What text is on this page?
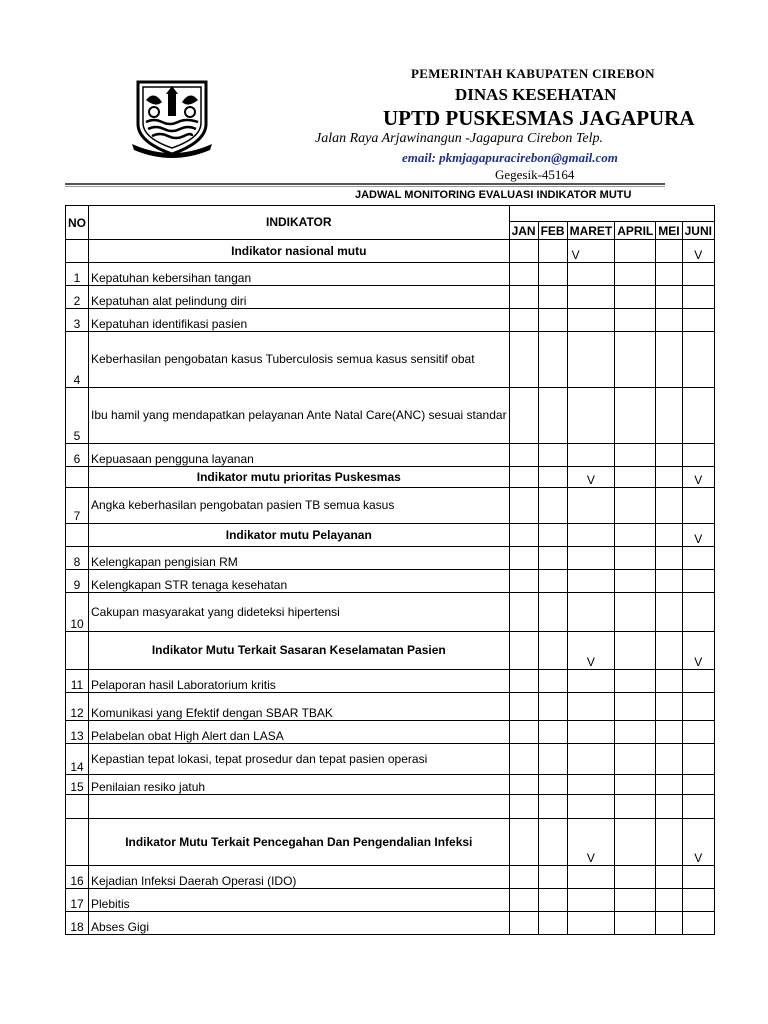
PEMERINTAH KABUPATEN CIREBON
DINAS KESEHATAN
UPTD PUSKESMAS JAGAPURA
Jalan Raya Arjawinangun -Jagapura Cirebon Telp.
email: pkmjagapuracirebon@gmail.com
Gegesik-45164
JADWAL MONITORING EVALUASI INDIKATOR MUTU
NO	INDIKATOR						
		JAN	FEB	MARET	APRIL	MEI	JUNI
	Indikator nasional mutu			V			V
1	Kepatuhan kebersihan tangan						
2	Kepatuhan alat pelindung diri						
3	Kepatuhan identifikasi pasien						
4	Keberhasilan pengobatan kasus Tuberculosis semua kasus sensitif obat						
5	Ibu hamil yang mendapatkan pelayanan Ante Natal Care(ANC) sesuai standar						
6	Kepuasaan pengguna layanan						
	Indikator mutu prioritas Puskesmas			V			V
7	Angka keberhasilan pengobatan pasien TB semua kasus						
	Indikator mutu Pelayanan						V
8	Kelengkapan pengisian RM						
9	Kelengkapan STR tenaga kesehatan						
10	Cakupan masyarakat yang dideteksi hipertensi						
	Indikator Mutu Terkait Sasaran Keselamatan Pasien			V			V
11	Pelaporan hasil Laboratorium kritis						
12	Komunikasi yang Efektif dengan SBAR TBAK						
13	Pelabelan obat High Alert dan LASA						
14	Kepastian tepat lokasi, tepat prosedur dan tepat pasien operasi						
15	Penilaian resiko jatuh						

	Indikator Mutu Terkait Pencegahan Dan Pengendalian Infeksi			V			V
16	Kejadian Infeksi Daerah Operasi (IDO)						
17	Plebitis						
18	Abses Gigi						
